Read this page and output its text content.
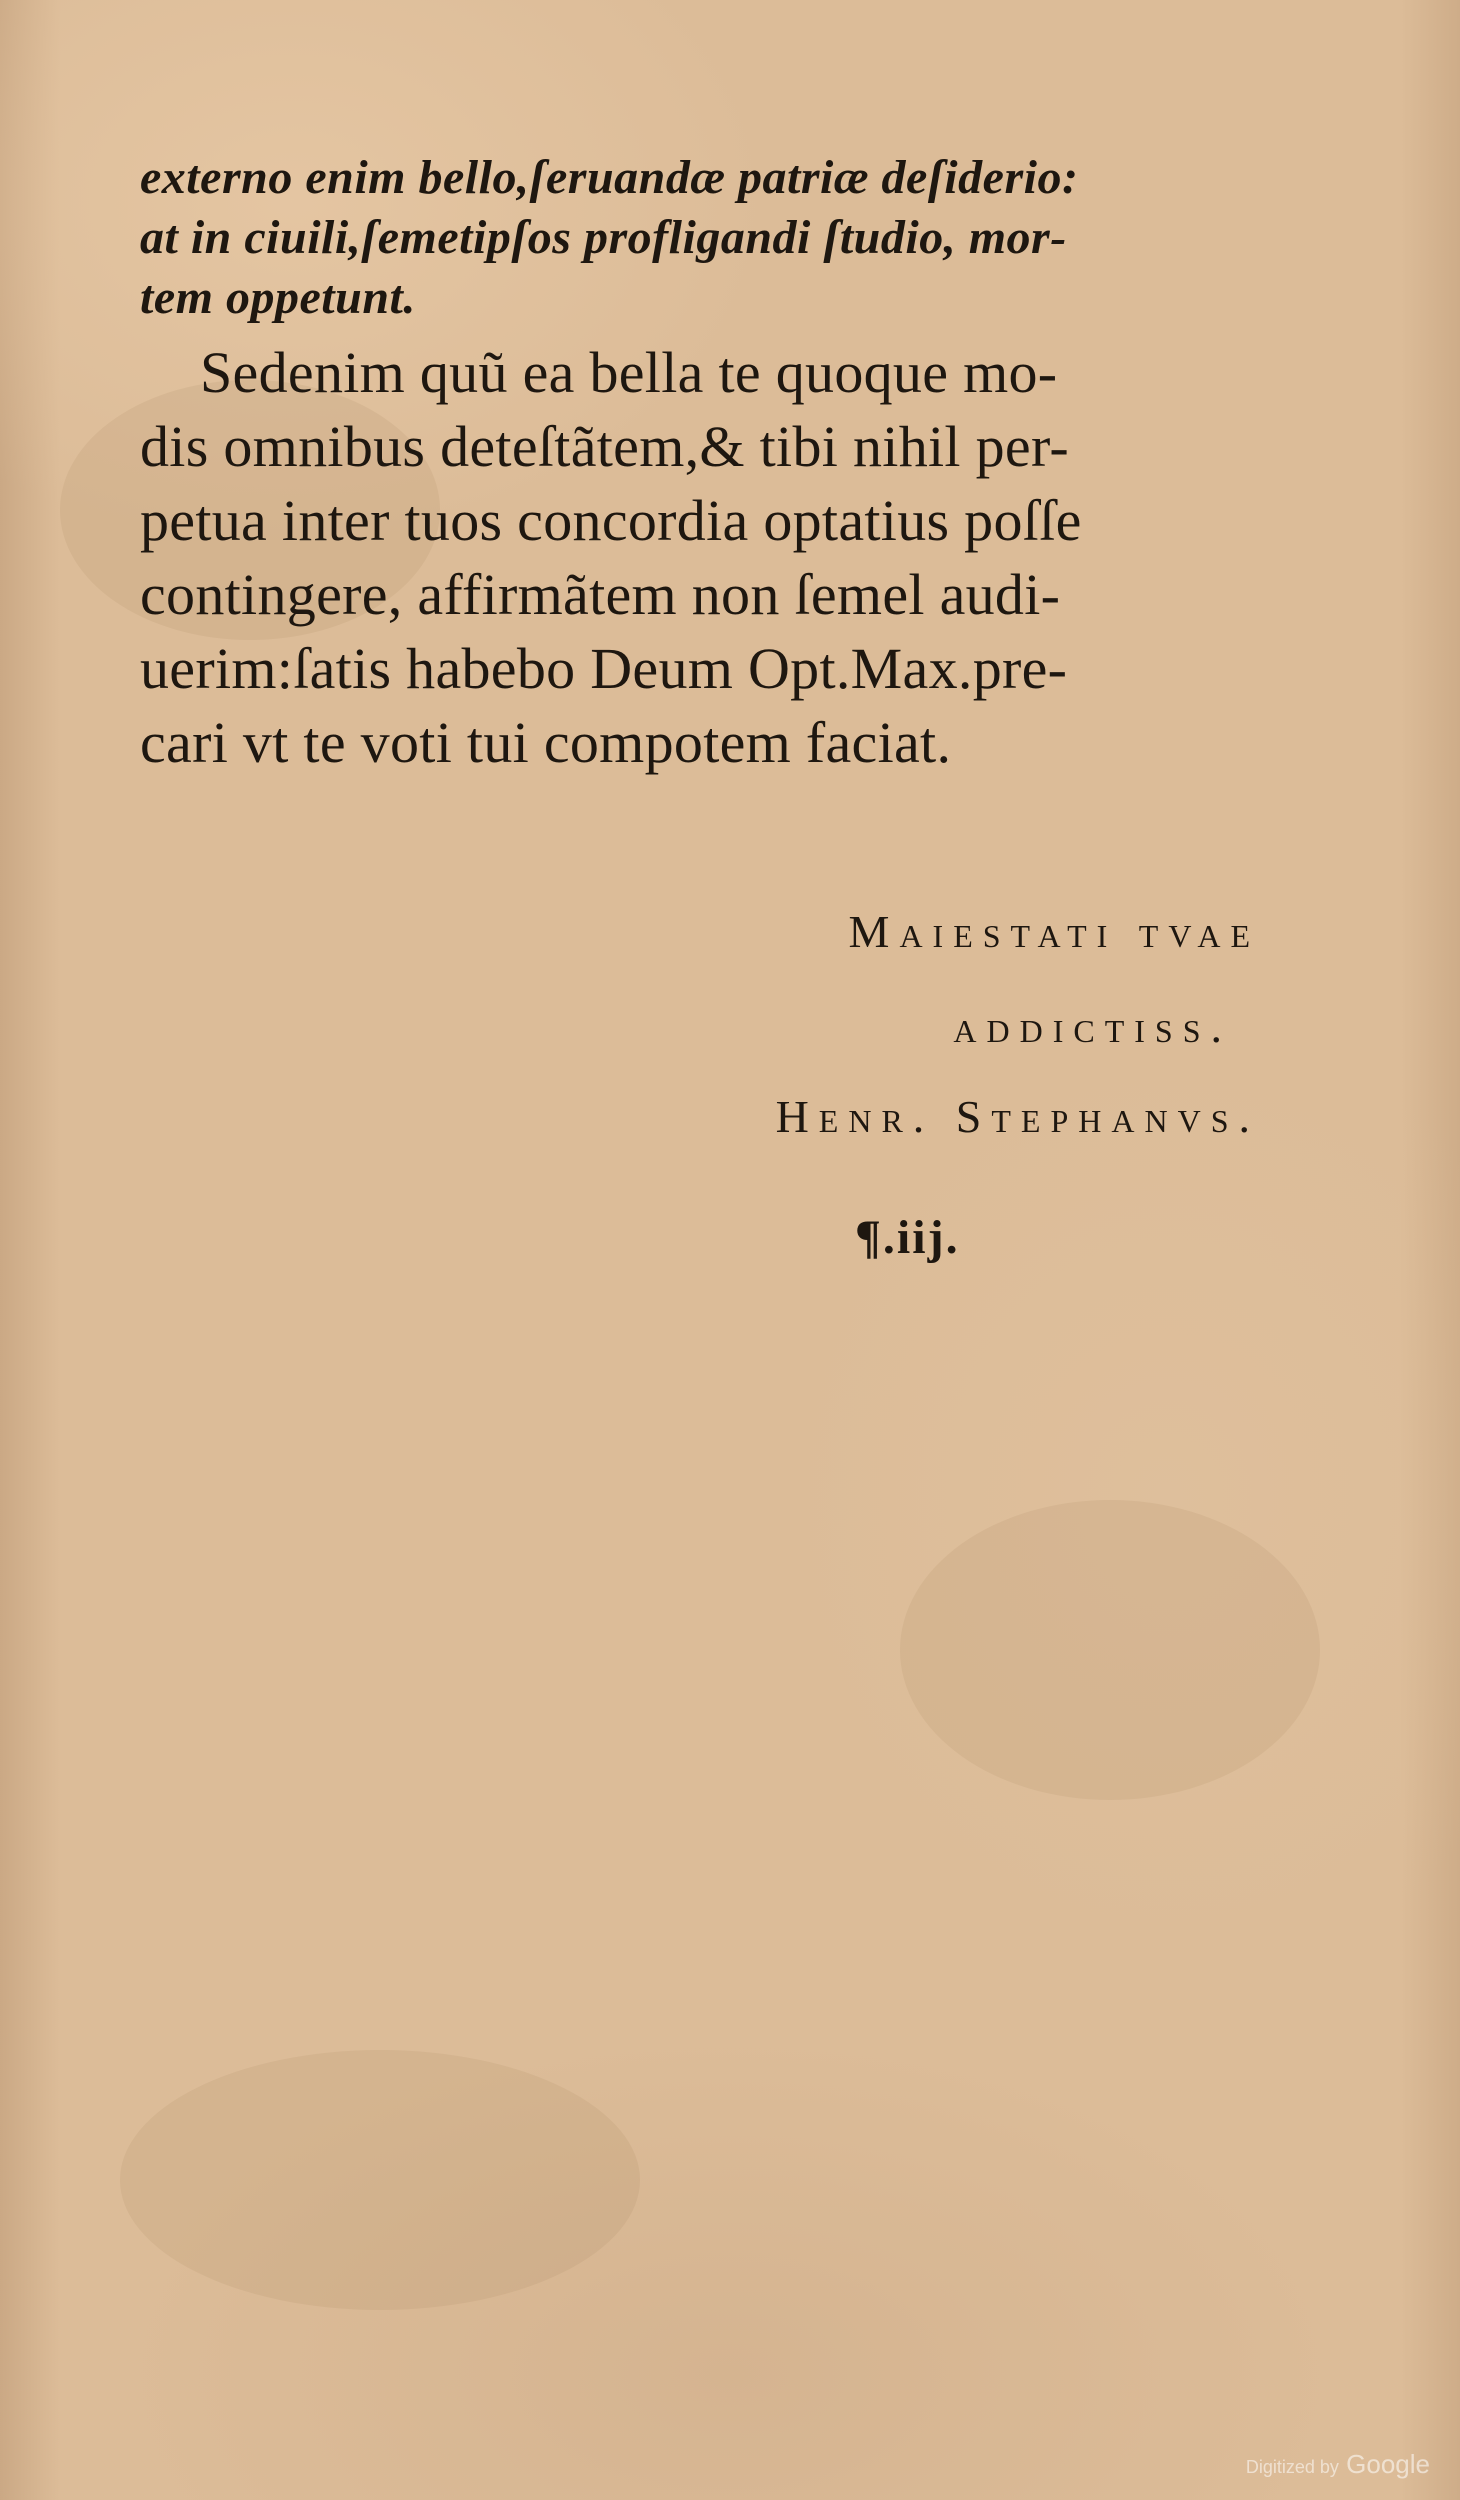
externo enim bello,ſeruandæ patriæ deſiderio:
at in ciuili,ſemetipſos profligandi ſtudio, mor-
tem oppetunt.
Sedenim quũ ea bella te quoque mo-
dis omnibus deteſtãtem,& tibi nihil per-
petua inter tuos concordia optatius poſſe
contingere, affirmãtem non ſemel audi-
uerim:ſatis habebo Deum Opt.Max.pre-
cari vt te voti tui compotem faciat.
Maiestati tvae
addictiss.
Henr. Stephanvs.
¶.iij.
Digitized by Google
